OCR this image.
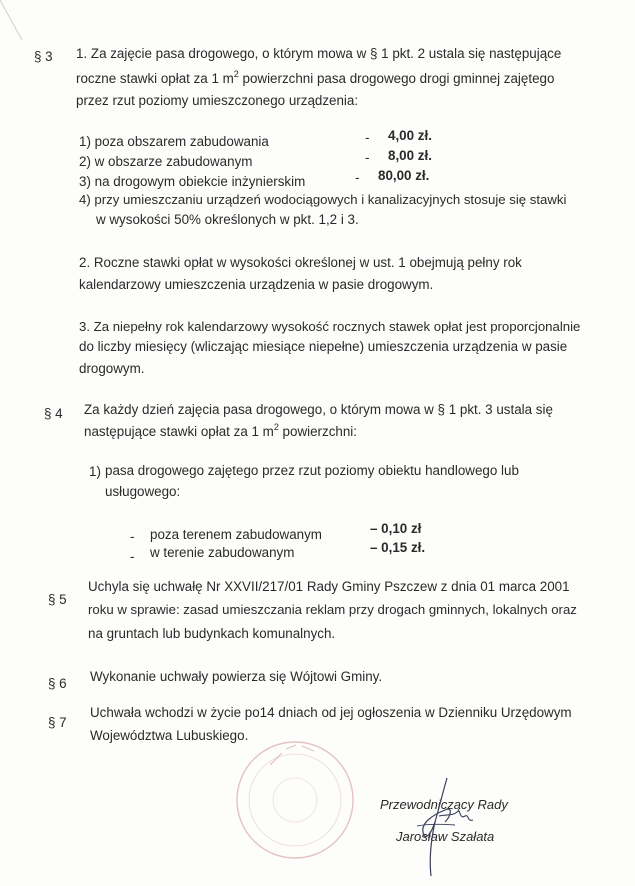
§ 3 1. Za zajęcie pasa drogowego, o którym mowa w § 1 pkt. 2 ustala się następujące
roczne stawki opłat za 1 $m^2$ powierzchni pasa drogowego drogi gminnej zajętego
przez rzut poziomy umieszczonego urządzenia:
1) poza obszarem zabudowania	- 4,00 zł.
2) w obszarze zabudowanym	- 8,00 zł.
3) na drogowym obiekcie inżynierskim	- 80,00 zł.
4) przy umieszczaniu urządzeń wodociągowych i kanalizacyjnych stosuje się stawki
w wysokości 50% określonych w pkt. 1,2 i 3.
2. Roczne stawki opłat w wysokości określonej w ust. 1 obejmują pełny rok
kalendarzowy umieszczenia urządzenia w pasie drogowym.
3. Za niepełny rok kalendarzowy wysokość rocznych stawek opłat jest proporcjonalnie
do liczby miesięcy (wliczając miesiące niepełne) umieszczenia urządzenia w pasie
drogowym.
§ 4 Za każdy dzień zajęcia pasa drogowego, o którym mowa w § 1 pkt. 3 ustala się
następujące stawki opłat za 1 $m^2$ powierzchni:
1) pasa drogowego zajętego przez rzut poziomy obiektu handlowego lub
usługowego:
- poza terenem zabudowanym	– 0,10 zł
- w terenie zabudowanym	– 0,15 zł.
§ 5
Uchyla się uchwałę Nr XXVII/217/01 Rady Gminy Pszczew z dnia 01 marca 2001
roku w sprawie: zasad umieszczania reklam przy drogach gminnych, lokalnych oraz
na gruntach lub budynkach komunalnych.
§ 6 Wykonanie uchwały powierza się Wójtowi Gminy.
§ 7
Uchwała wchodzi w życie po14 dniach od jej ogłoszenia w Dzienniku Urzędowym
Województwa Lubuskiego.
Przewodniczący Rady
Jarosław Szałata
